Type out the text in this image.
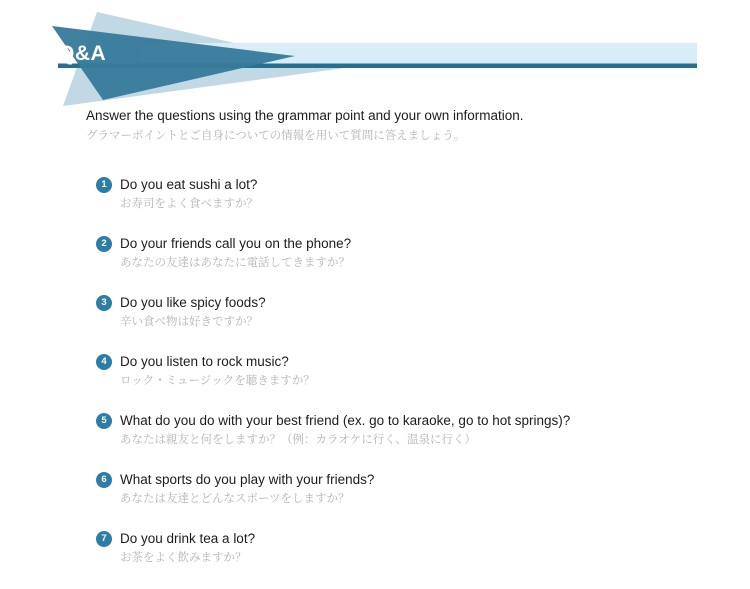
Q&A

Answer the questions using the grammar point and your own information.

グラマーポイントとご自身についての情報を用いて質問に答えましょう。

1 Do you eat sushi a lot?

お寿司をよく食べますか？

2 Do your friends call you on the phone?

あなたの友達はあなたに電話してきますか？

3 Do you like spicy foods?

辛い食べ物は好きですか？

4 Do you listen to rock music?

ロック・ミュージックを聴きますか？

5 What do you do with your best friend (ex. go to karaoke, go to hot springs)?

あなたは親友と何をしますか？（例：カラオケに行く、温泉に行く）

6 What sports do you play with your friends?

あなたは友達とどんなスポーツをしますか？

7 Do you drink tea a lot?

お茶をよく飲みますか？
